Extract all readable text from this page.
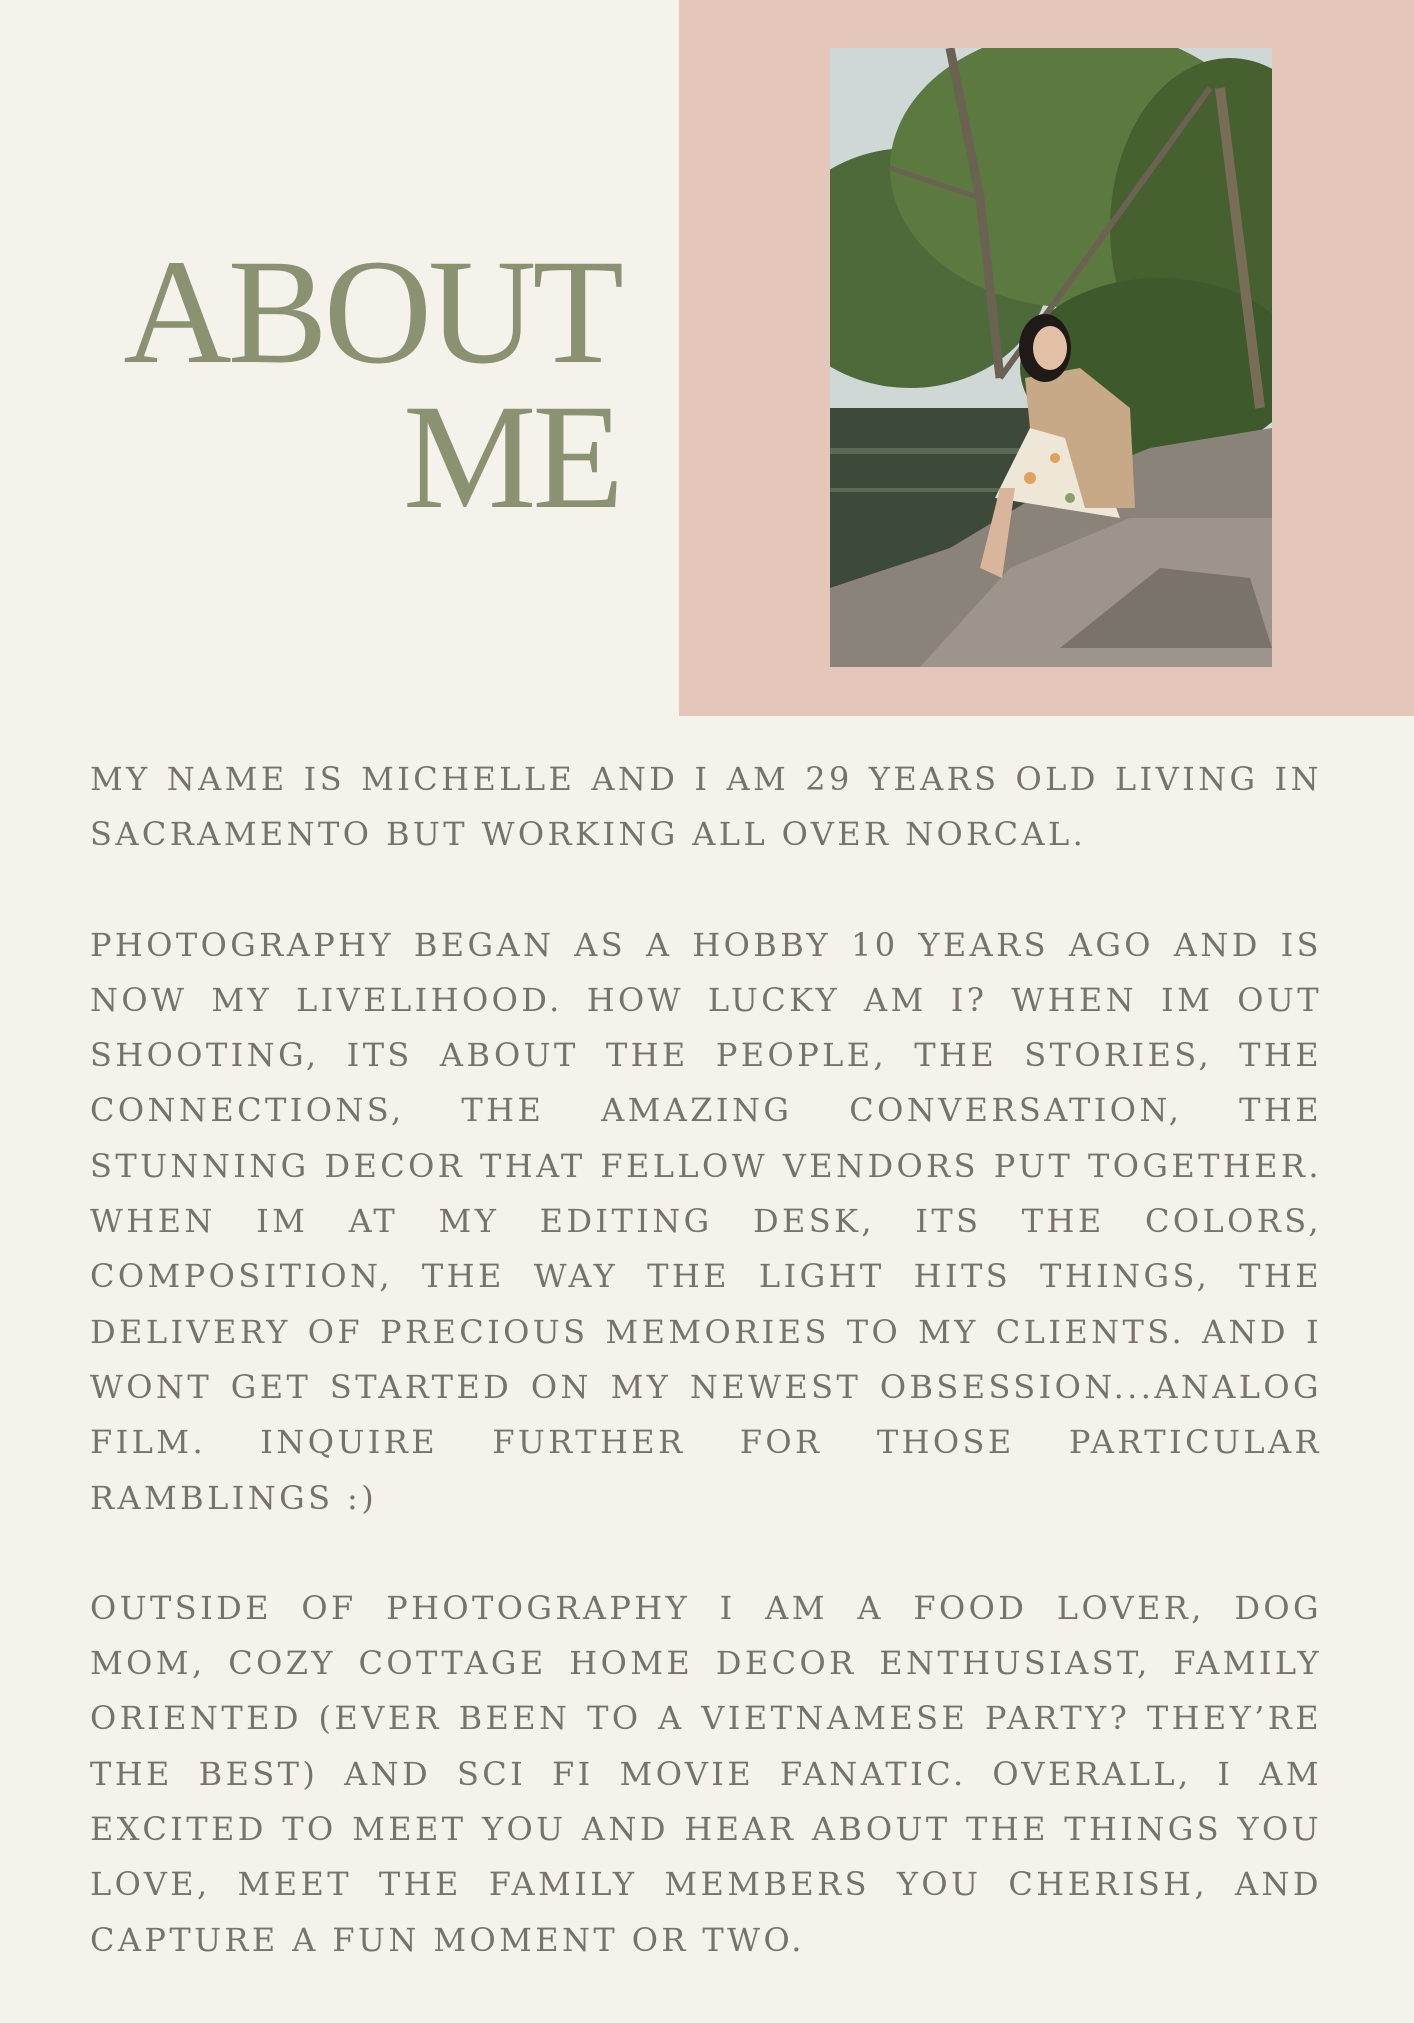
ABOUT
ME

MY NAME IS MICHELLE AND I AM 29 YEARS OLD LIVING IN SACRAMENTO BUT WORKING ALL OVER NORCAL.

PHOTOGRAPHY BEGAN AS A HOBBY 10 YEARS AGO AND IS NOW MY LIVELIHOOD. HOW LUCKY AM I? WHEN IM OUT SHOOTING, ITS ABOUT THE PEOPLE, THE STORIES, THE CONNECTIONS, THE AMAZING CONVERSATION, THE STUNNING DECOR THAT FELLOW VENDORS PUT TOGETHER. WHEN IM AT MY EDITING DESK, ITS THE COLORS, COMPOSITION, THE WAY THE LIGHT HITS THINGS, THE DELIVERY OF PRECIOUS MEMORIES TO MY CLIENTS. AND I WONT GET STARTED ON MY NEWEST OBSESSION...ANALOG FILM. INQUIRE FURTHER FOR THOSE PARTICULAR RAMBLINGS :)

OUTSIDE OF PHOTOGRAPHY I AM A FOOD LOVER, DOG MOM, COZY COTTAGE HOME DECOR ENTHUSIAST, FAMILY ORIENTED (EVER BEEN TO A VIETNAMESE PARTY? THEY’RE THE BEST) AND SCI FI MOVIE FANATIC. OVERALL, I AM EXCITED TO MEET YOU AND HEAR ABOUT THE THINGS YOU LOVE, MEET THE FAMILY MEMBERS YOU CHERISH, AND CAPTURE A FUN MOMENT OR TWO.
